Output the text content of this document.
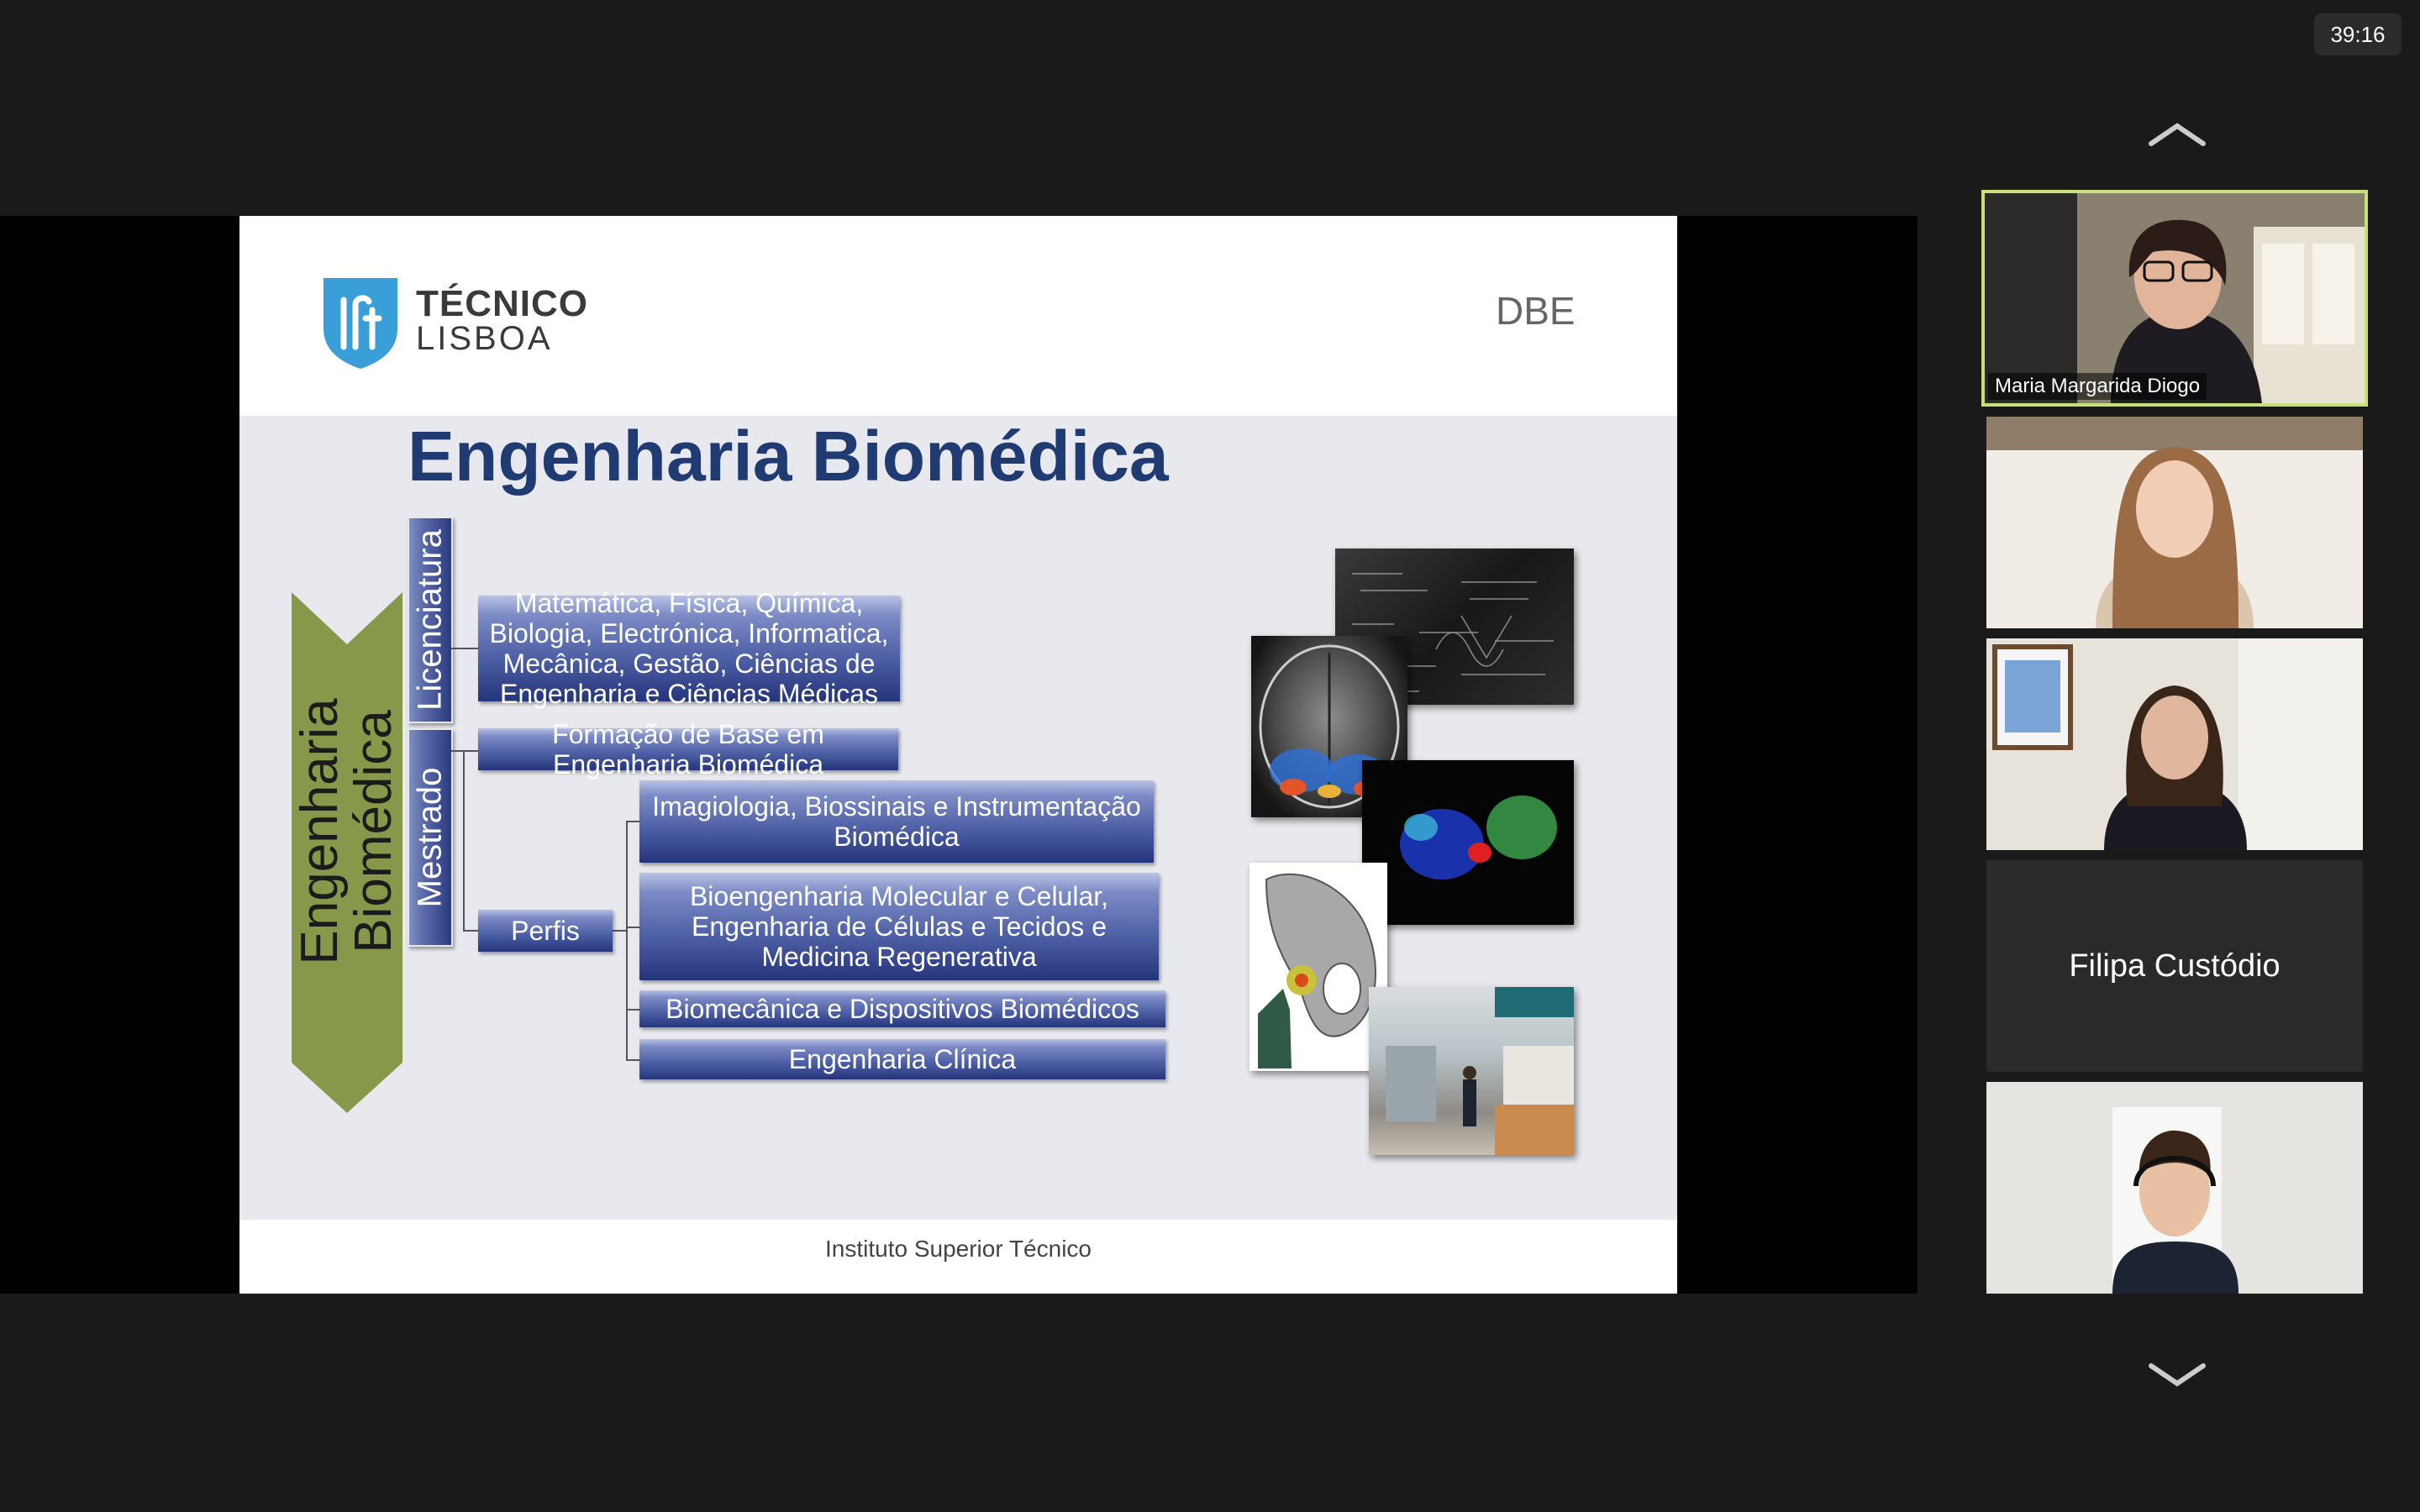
39:16
TÉCNICO
LISBOA
DBE
Engenharia Biomédica
Engenharia
Biomédica
Licenciatura
Mestrado
Matemática, Física, Química, Biologia, Electrónica, Informatica, Mecânica, Gestão, Ciências de Engenharia e Ciências Médicas
Formação de Base em Engenharia Biomédica
Perfis
Imagiologia, Biossinais e Instrumentação Biomédica
Bioengenharia Molecular e Celular, Engenharia de Células e Tecidos e Medicina Regenerativa
Biomecânica e Dispositivos Biomédicos
Engenharia Clínica
Instituto Superior Técnico
Maria Margarida Diogo
Filipa Custódio
